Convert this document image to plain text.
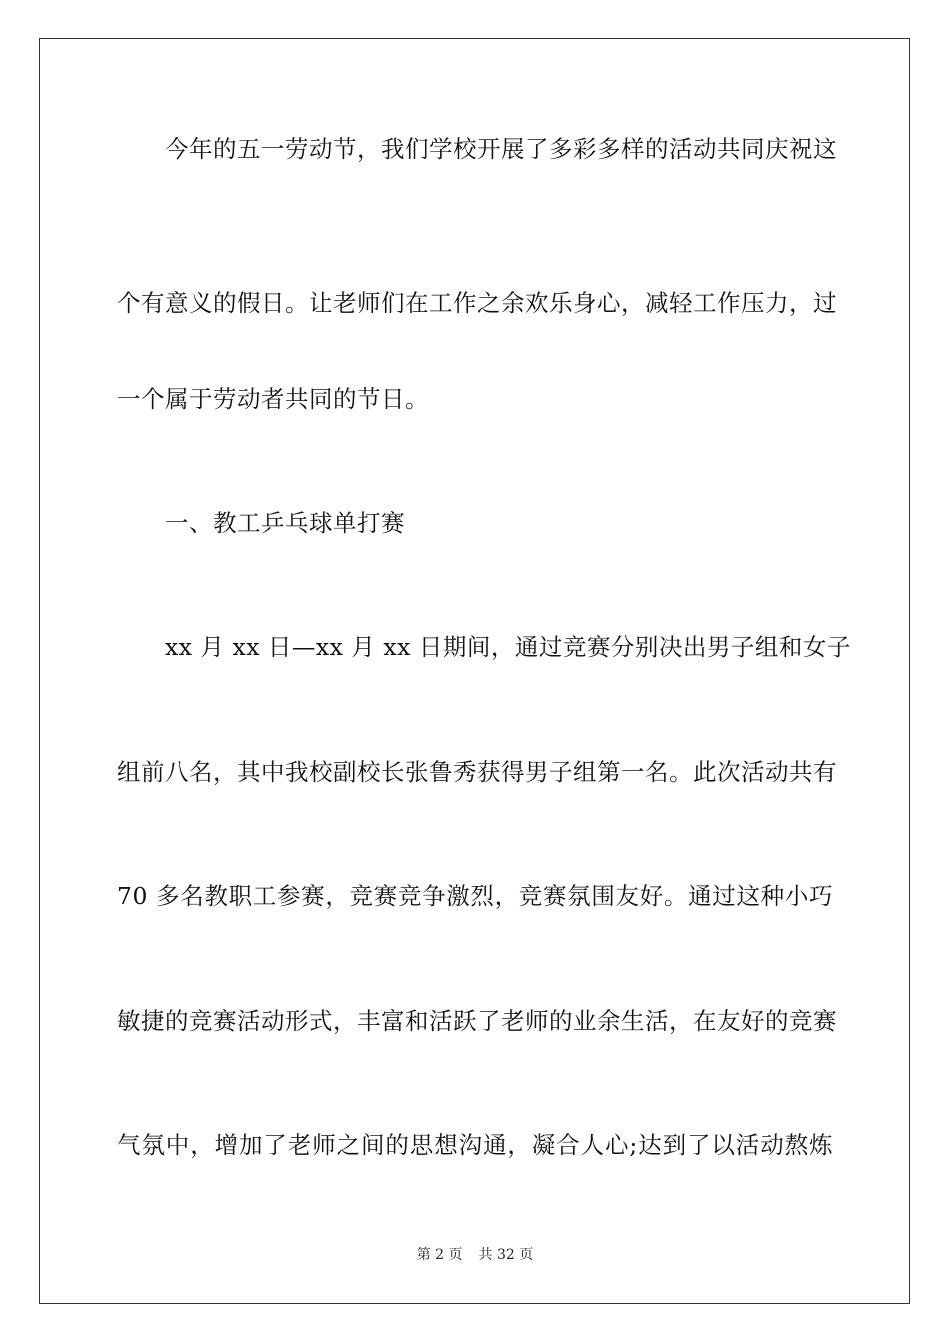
今年的五一劳动节，我们学校开展了多彩多样的活动共同庆祝这
个有意义的假日。让老师们在工作之余欢乐身心，减轻工作压力，过
一个属于劳动者共同的节日。
一、教工乒乓球单打赛
xx 月 xx 日—xx 月 xx 日期间，通过竞赛分别决出男子组和女子
组前八名，其中我校副校长张鲁秀获得男子组第一名。此次活动共有
70 多名教职工参赛，竞赛竞争激烈，竞赛氛围友好。通过这种小巧
敏捷的竞赛活动形式，丰富和活跃了老师的业余生活，在友好的竞赛
气氛中，增加了老师之间的思想沟通，凝合人心;达到了以活动熬炼
第 2 页 共 32 页
